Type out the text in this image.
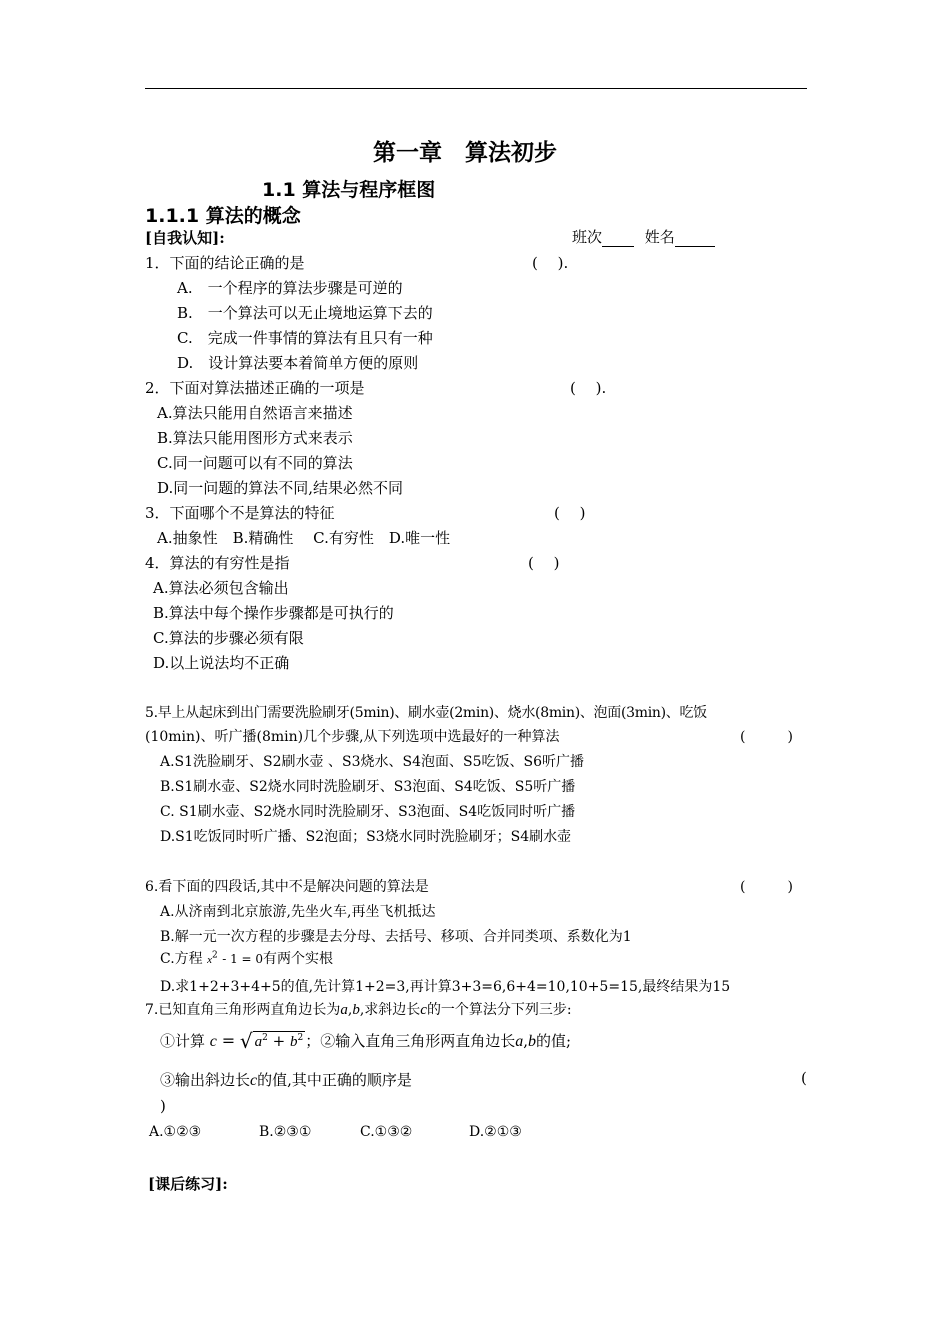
第一章　算法初步
1.1 算法与程序框图
1.1.1 算法的概念
[自我认知]:	班次	姓名
1．下面的结论正确的是	(　 ).
A.　一个程序的算法步骤是可逆的
B.　一个算法可以无止境地运算下去的
C.　完成一件事情的算法有且只有一种
D.　设计算法要本着简单方便的原则
2．下面对算法描述正确的一项是	(　 ).
A.算法只能用自然语言来描述
B.算法只能用图形方式来表示
C.同一问题可以有不同的算法
D.同一问题的算法不同,结果必然不同
3．下面哪个不是算法的特征	(　 )
A.抽象性　B.精确性　 C.有穷性　D.唯一性
4．算法的有穷性是指	(　 )
A.算法必须包含输出
B.算法中每个操作步骤都是可执行的
C.算法的步骤必须有限
D.以上说法均不正确
5.早上从起床到出门需要洗脸刷牙(5min)、刷水壶(2min)、烧水(8min)、泡面(3min)、吃饭
(10min)、听广播(8min)几个步骤,从下列选项中选最好的一种算法	(　　　)
A.S1洗脸刷牙、S2刷水壶 、S3烧水、S4泡面、S5吃饭、S6听广播
B.S1刷水壶、S2烧水同时洗脸刷牙、S3泡面、S4吃饭、S5听广播
C. S1刷水壶、S2烧水同时洗脸刷牙、S3泡面、S4吃饭同时听广播
D.S1吃饭同时听广播、S2泡面；S3烧水同时洗脸刷牙；S4刷水壶
6.看下面的四段话,其中不是解决问题的算法是	(　　　)
A.从济南到北京旅游,先坐火车,再坐飞机抵达
B.解一元一次方程的步骤是去分母、去括号、移项、合并同类项、系数化为1
C.方程 $x^2 - 1 = 0$有两个实根
D.求1+2+3+4+5的值,先计算1+2=3,再计算3+3=6,6+4=10,10+5=15,最终结果为15
7.已知直角三角形两直角边长为a,b,求斜边长c的一个算法分下列三步:
①计算 c = √ $a^2 + b^2$ ；②输入直角三角形两直角边长a,b的值;
③输出斜边长c的值,其中正确的顺序是	(
)
A.①②③	B.②③①	C.①③②	D.②①③
[课后练习]:
